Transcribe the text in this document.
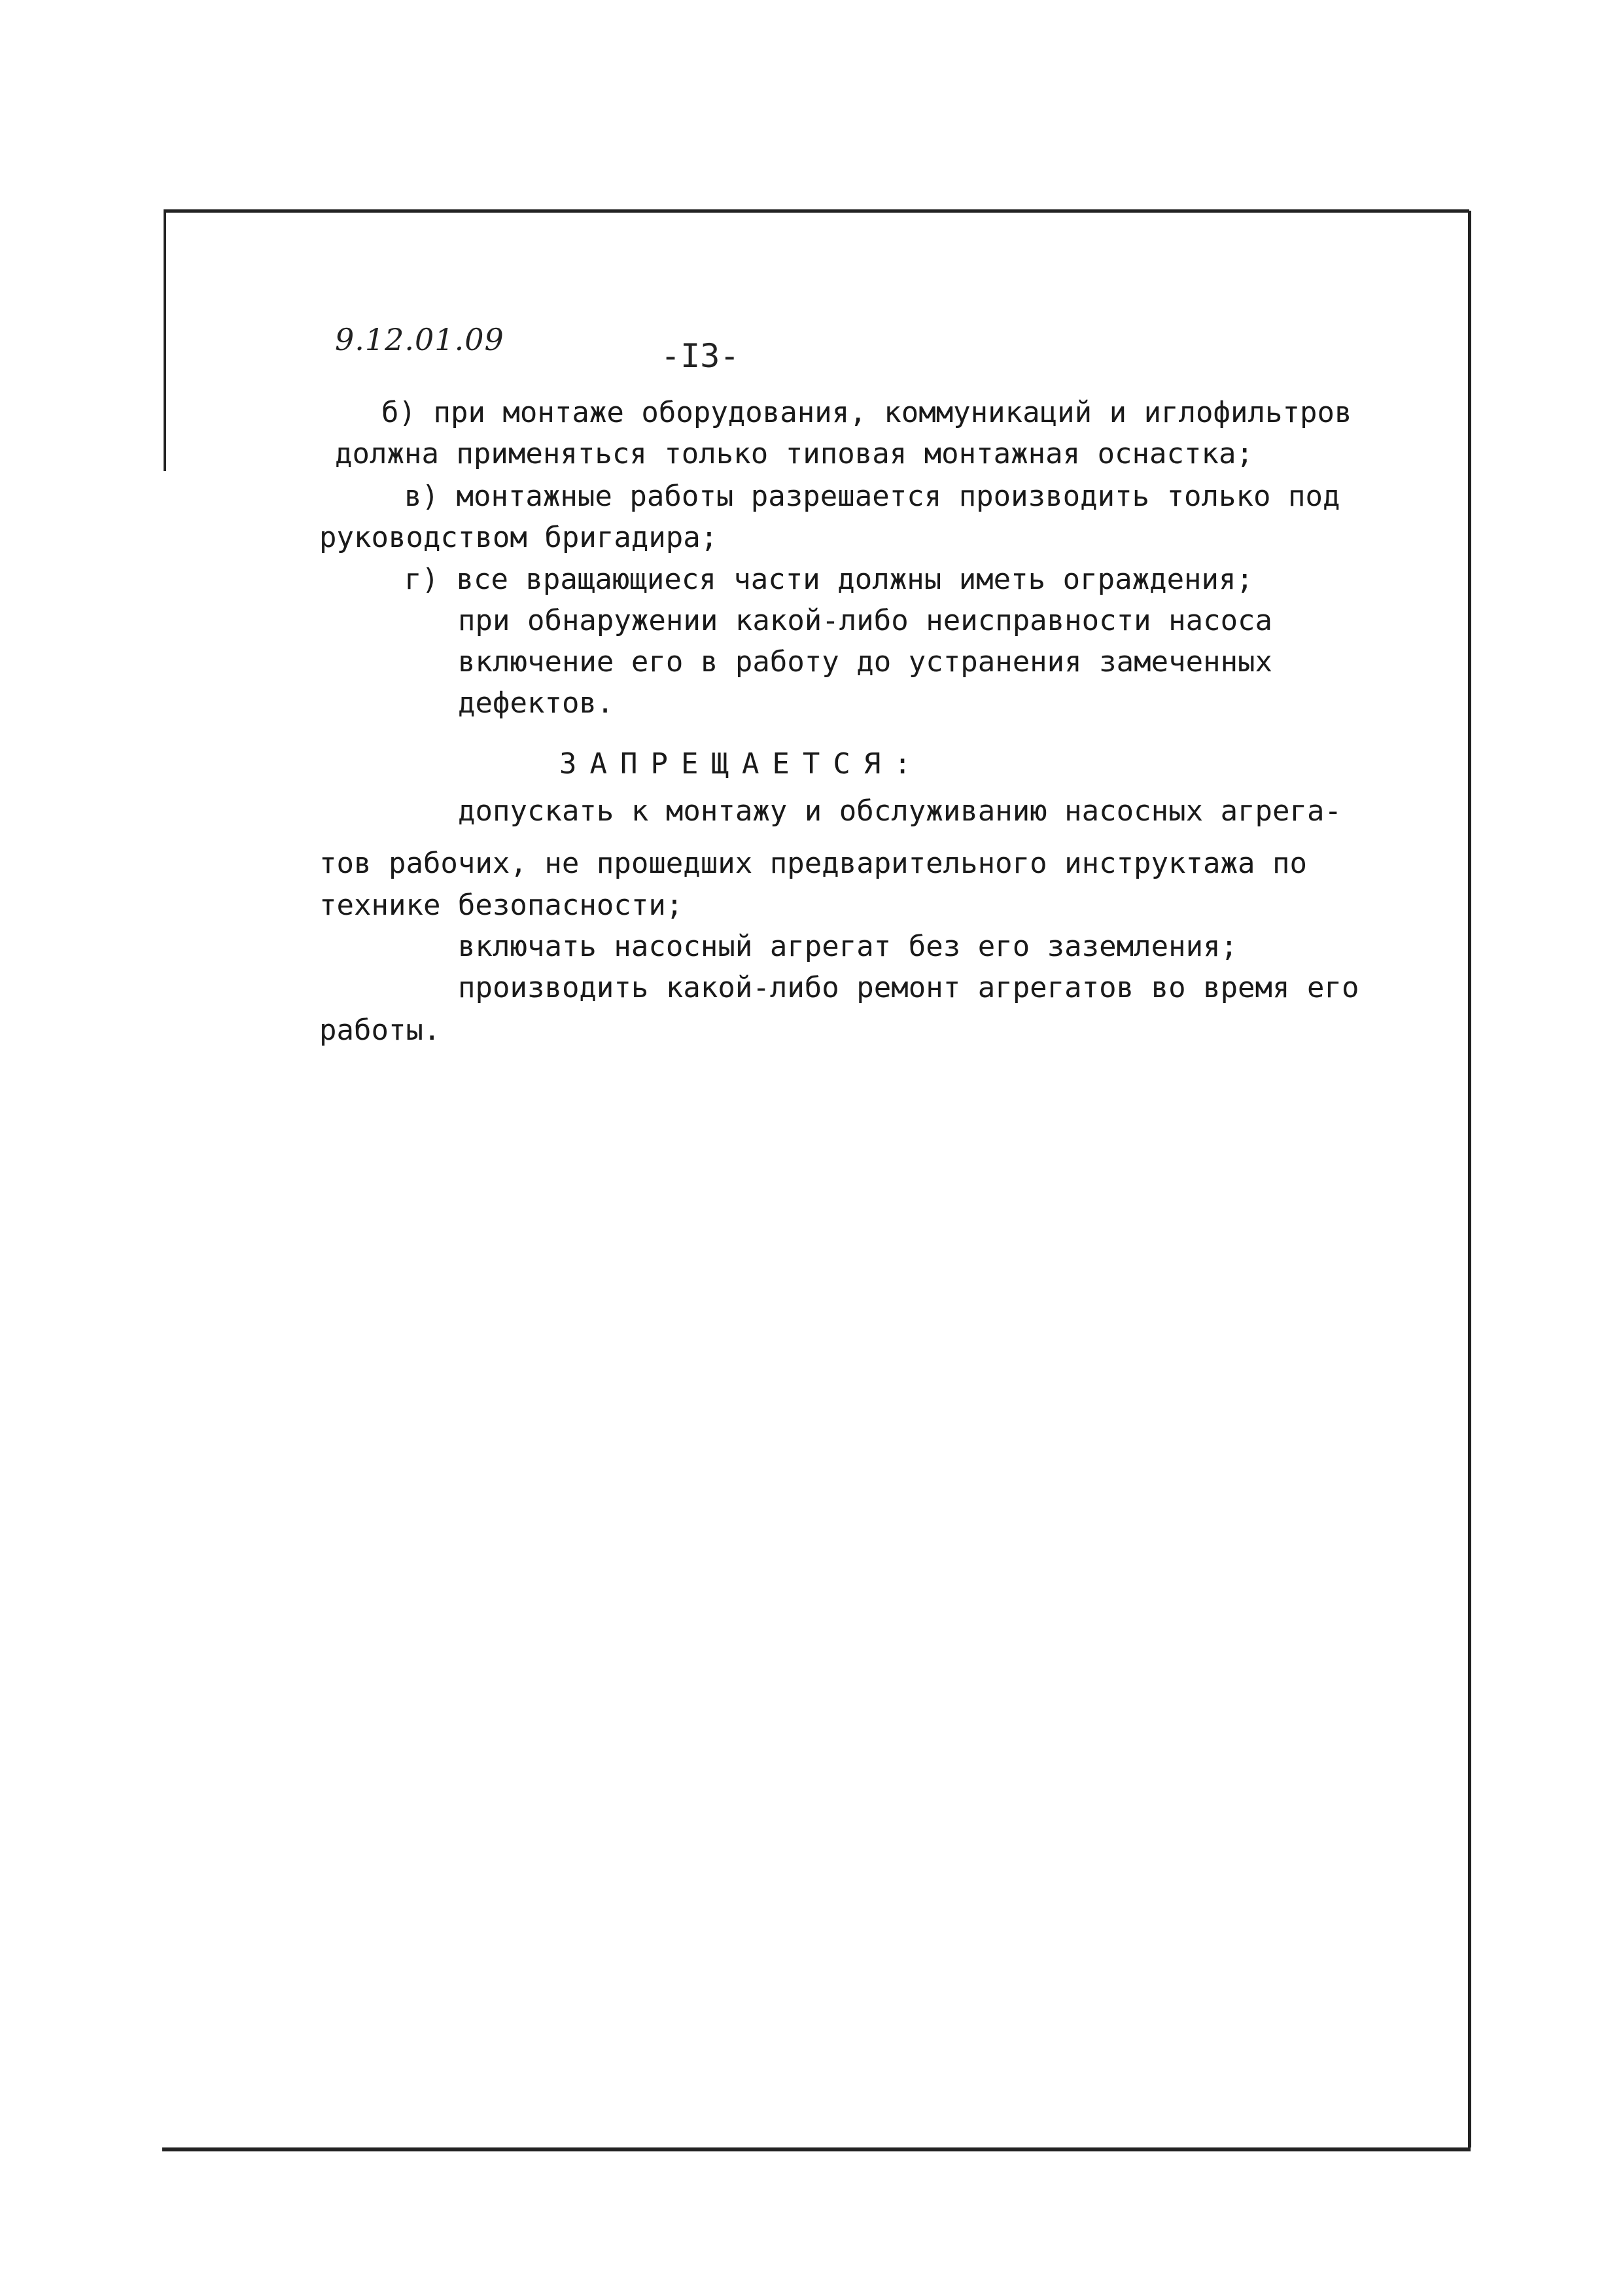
9.12.01.09	-I3-
б) при монтаже оборудования, коммуникаций и иглофильтров
должна применяться только типовая монтажная оснастка;
в) монтажные работы разрешается производить только под
руководством бригадира;
г) все вращающиеся части должны иметь ограждения;
при обнаружении какой-либо неисправности насоса
включение его в работу до устранения замеченных
дефектов.
ЗАПРЕЩАЕТСЯ:
допускать к монтажу и обслуживанию насосных агрега-
тов рабочих, не прошедших предварительного инструктажа по
технике безопасности;
включать насосный агрегат без его заземления;
производить какой-либо ремонт агрегатов во время его
работы.
